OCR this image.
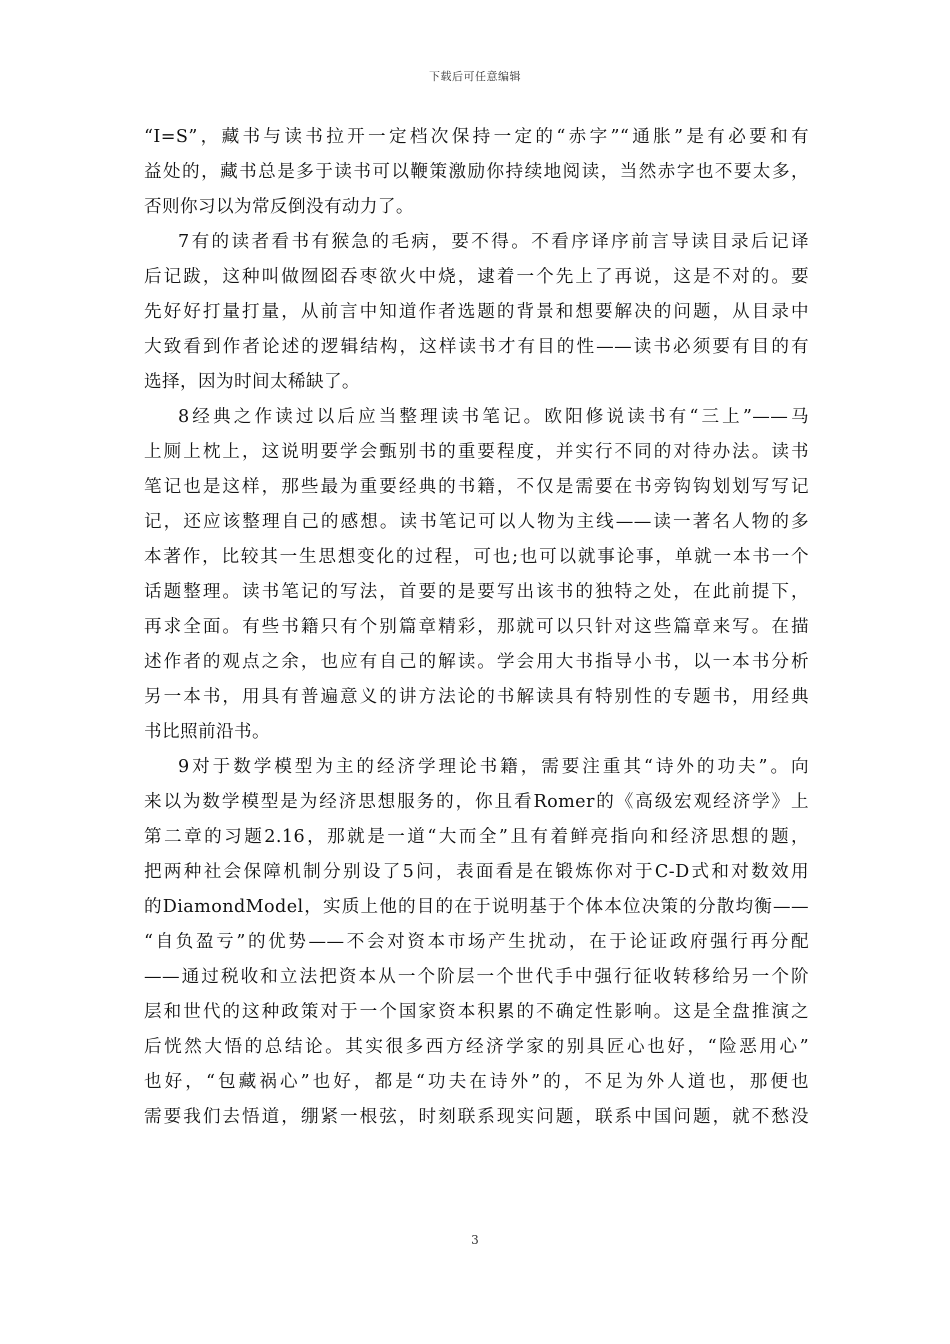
下载后可任意编辑
“I=S”，藏书与读书拉开一定档次保持一定的“赤字”“通胀”是有必要和有
益处的，藏书总是多于读书可以鞭策激励你持续地阅读，当然赤字也不要太多，
否则你习以为常反倒没有动力了。
7有的读者看书有猴急的毛病，要不得。不看序译序前言导读目录后记译
后记跋，这种叫做囫囵吞枣欲火中烧，逮着一个先上了再说，这是不对的。要
先好好打量打量，从前言中知道作者选题的背景和想要解决的问题，从目录中
大致看到作者论述的逻辑结构，这样读书才有目的性——读书必须要有目的有
选择，因为时间太稀缺了。
8经典之作读过以后应当整理读书笔记。欧阳修说读书有“三上”——马
上厕上枕上，这说明要学会甄别书的重要程度，并实行不同的对待办法。读书
笔记也是这样，那些最为重要经典的书籍，不仅是需要在书旁钩钩划划写写记
记，还应该整理自己的感想。读书笔记可以人物为主线——读一著名人物的多
本著作，比较其一生思想变化的过程，可也;也可以就事论事，单就一本书一个
话题整理。读书笔记的写法，首要的是要写出该书的独特之处，在此前提下，
再求全面。有些书籍只有个别篇章精彩，那就可以只针对这些篇章来写。在描
述作者的观点之余，也应有自己的解读。学会用大书指导小书，以一本书分析
另一本书，用具有普遍意义的讲方法论的书解读具有特别性的专题书，用经典
书比照前沿书。
9对于数学模型为主的经济学理论书籍，需要注重其“诗外的功夫”。向
来以为数学模型是为经济思想服务的，你且看Romer的《高级宏观经济学》上
第二章的习题2.16，那就是一道“大而全”且有着鲜亮指向和经济思想的题，
把两种社会保障机制分别设了5问，表面看是在锻炼你对于C-D式和对数效用
的DiamondModel，实质上他的目的在于说明基于个体本位决策的分散均衡——
“自负盈亏”的优势——不会对资本市场产生扰动，在于论证政府强行再分配
——通过税收和立法把资本从一个阶层一个世代手中强行征收转移给另一个阶
层和世代的这种政策对于一个国家资本积累的不确定性影响。这是全盘推演之
后恍然大悟的总结论。其实很多西方经济学家的别具匠心也好，“险恶用心”
也好，“包藏祸心”也好，都是“功夫在诗外”的，不足为外人道也，那便也
需要我们去悟道，绷紧一根弦，时刻联系现实问题，联系中国问题，就不愁没
3
